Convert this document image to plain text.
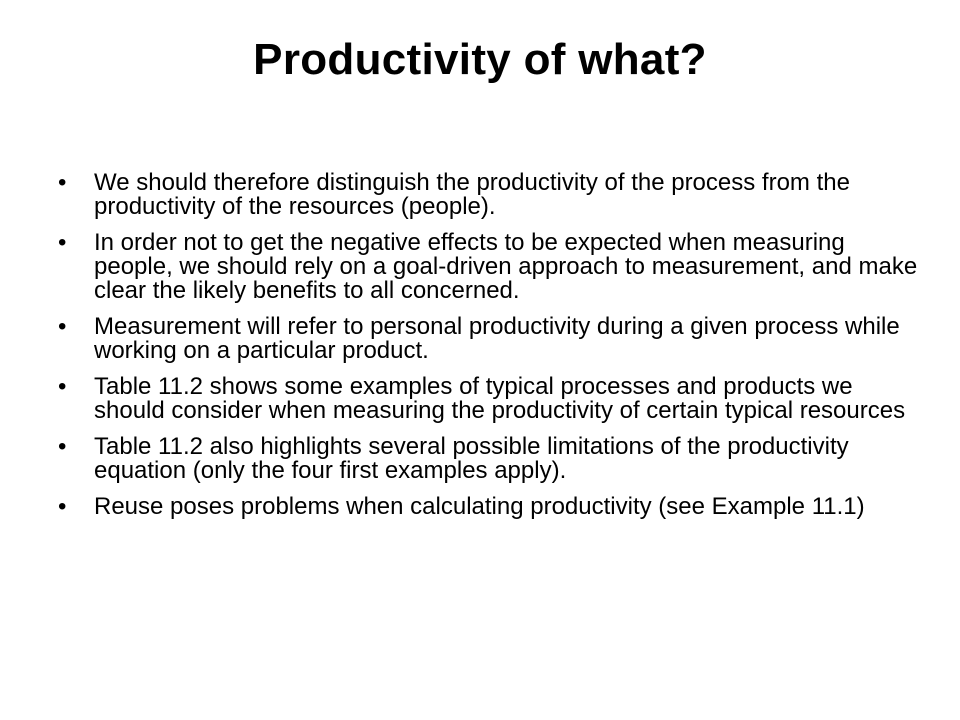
Productivity of what?
•	We should therefore distinguish the productivity of the process from the productivity of the resources (people).
•	In order not to get the negative effects to be expected when measuring people, we should rely on a goal-driven approach to measurement, and make clear the likely benefits to all concerned.
•	Measurement will refer to personal productivity during a given process while working on a particular product.
•	Table 11.2 shows some examples of typical processes and products we should consider when measuring the productivity of certain typical resources
•	Table 11.2 also highlights several possible limitations of the productivity equation (only the four first examples apply).
•	Reuse poses problems when calculating productivity (see Example 11.1)
